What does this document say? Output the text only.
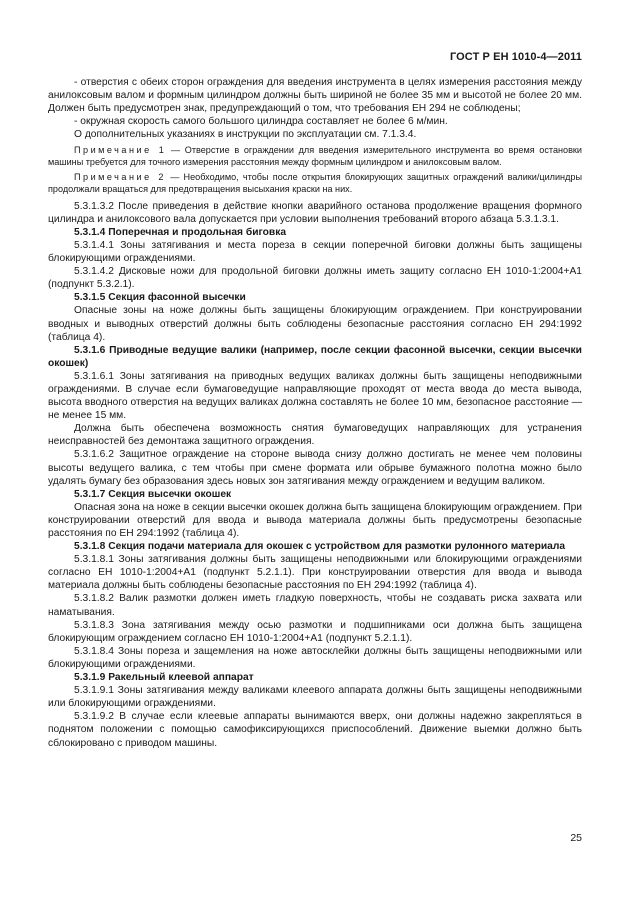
ГОСТ Р ЕН 1010-4—2011

- отверстия с обеих сторон ограждения для введения инструмента в целях измерения расстояния между анилоксовым валом и формным цилиндром должны быть шириной не более 35 мм и высотой не более 20 мм. Должен быть предусмотрен знак, предупреждающий о том, что требования ЕН 294 не соблюдены;

- окружная скорость самого большого цилиндра составляет не более 6 м/мин.

О дополнительных указаниях в инструкции по эксплуатации см. 7.1.3.4.

Примечание 1 — Отверстие в ограждении для введения измерительного инструмента во время остановки машины требуется для точного измерения расстояния между формным цилиндром и анилоксовым валом.

Примечание 2 — Необходимо, чтобы после открытия блокирующих защитных ограждений валики/цилиндры продолжали вращаться для предотвращения высыхания краски на них.

5.3.1.3.2 После приведения в действие кнопки аварийного останова продолжение вращения формного цилиндра и анилоксового вала допускается при условии выполнения требований второго абзаца 5.3.1.3.1.

5.3.1.4 Поперечная и продольная биговка

5.3.1.4.1 Зоны затягивания и места пореза в секции поперечной биговки должны быть защищены блокирующими ограждениями.

5.3.1.4.2 Дисковые ножи для продольной биговки должны иметь защиту согласно ЕН 1010-1:2004+А1 (подпункт 5.3.2.1).

5.3.1.5 Секция фасонной высечки

Опасные зоны на ноже должны быть защищены блокирующим ограждением. При конструировании вводных и выводных отверстий должны быть соблюдены безопасные расстояния согласно ЕН 294:1992 (таблица 4).

5.3.1.6 Приводные ведущие валики (например, после секции фасонной высечки, секции высечки окошек)

5.3.1.6.1 Зоны затягивания на приводных ведущих валиках должны быть защищены неподвижными ограждениями. В случае если бумаговедущие направляющие проходят от места ввода до места вывода, высота вводного отверстия на ведущих валиках должна составлять не более 10 мм, безопасное расстояние — не менее 15 мм.

Должна быть обеспечена возможность снятия бумаговедущих направляющих для устранения неисправностей без демонтажа защитного ограждения.

5.3.1.6.2 Защитное ограждение на стороне вывода снизу должно достигать не менее чем половины высоты ведущего валика, с тем чтобы при смене формата или обрыве бумажного полотна можно было удалять бумагу без образования здесь новых зон затягивания между ограждением и ведущим валиком.

5.3.1.7 Секция высечки окошек

Опасная зона на ноже в секции высечки окошек должна быть защищена блокирующим ограждением. При конструировании отверстий для ввода и вывода материала должны быть предусмотрены безопасные расстояния по ЕН 294:1992 (таблица 4).

5.3.1.8 Секция подачи материала для окошек с устройством для размотки рулонного материала

5.3.1.8.1 Зоны затягивания должны быть защищены неподвижными или блокирующими ограждениями согласно ЕН 1010-1:2004+А1 (подпункт 5.2.1.1). При конструировании отверстия для ввода и вывода материала должны быть соблюдены безопасные расстояния по ЕН 294:1992 (таблица 4).

5.3.1.8.2 Валик размотки должен иметь гладкую поверхность, чтобы не создавать риска захвата или наматывания.

5.3.1.8.3 Зона затягивания между осью размотки и подшипниками оси должна быть защищена блокирующим ограждением согласно ЕН 1010-1:2004+А1 (подпункт 5.2.1.1).

5.3.1.8.4 Зоны пореза и защемления на ноже автосклейки должны быть защищены неподвижными или блокирующими ограждениями.

5.3.1.9 Ракельный клеевой аппарат

5.3.1.9.1 Зоны затягивания между валиками клеевого аппарата должны быть защищены неподвижными или блокирующими ограждениями.

5.3.1.9.2 В случае если клеевые аппараты вынимаются вверх, они должны надежно закрепляться в поднятом положении с помощью самофиксирующихся приспособлений. Движение выемки должно быть сблокировано с приводом машины.

25
